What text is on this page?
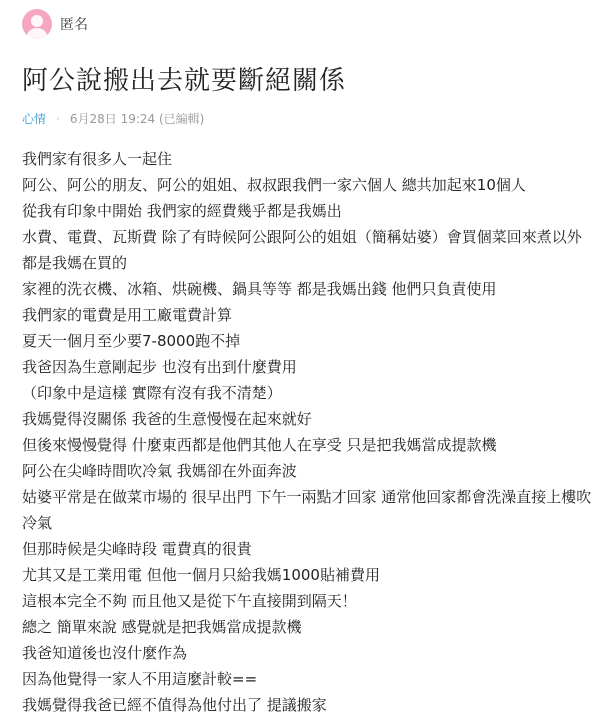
匿名
阿公說搬出去就要斷絕關係
心情 · 6月28日 19:24 (已編輯)
我們家有很多人一起住
阿公、阿公的朋友、阿公的姐姐、叔叔跟我們一家六個人 總共加起來10個人
從我有印象中開始 我們家的經費幾乎都是我媽出
水費、電費、瓦斯費 除了有時候阿公跟阿公的姐姐（簡稱姑婆）會買個菜回來煮以外
都是我媽在買的
家裡的洗衣機、冰箱、烘碗機、鍋具等等 都是我媽出錢 他們只負責使用
我們家的電費是用工廠電費計算
夏天一個月至少要7-8000跑不掉
我爸因為生意剛起步 也沒有出到什麼費用
（印象中是這樣 實際有沒有我不清楚）
我媽覺得沒關係 我爸的生意慢慢在起來就好
但後來慢慢覺得 什麼東西都是他們其他人在享受 只是把我媽當成提款機
阿公在尖峰時間吹冷氣 我媽卻在外面奔波
姑婆平常是在做菜市場的 很早出門 下午一兩點才回家 通常他回家都會洗澡直接上樓吹
冷氣
但那時候是尖峰時段 電費真的很貴
尤其又是工業用電 但他一個月只給我媽1000貼補費用
這根本完全不夠 而且他又是從下午直接開到隔天！
總之 簡單來說 感覺就是把我媽當成提款機
我爸知道後也沒什麼作為
因為他覺得一家人不用這麼計較==
我媽覺得我爸已經不值得為他付出了 提議搬家
